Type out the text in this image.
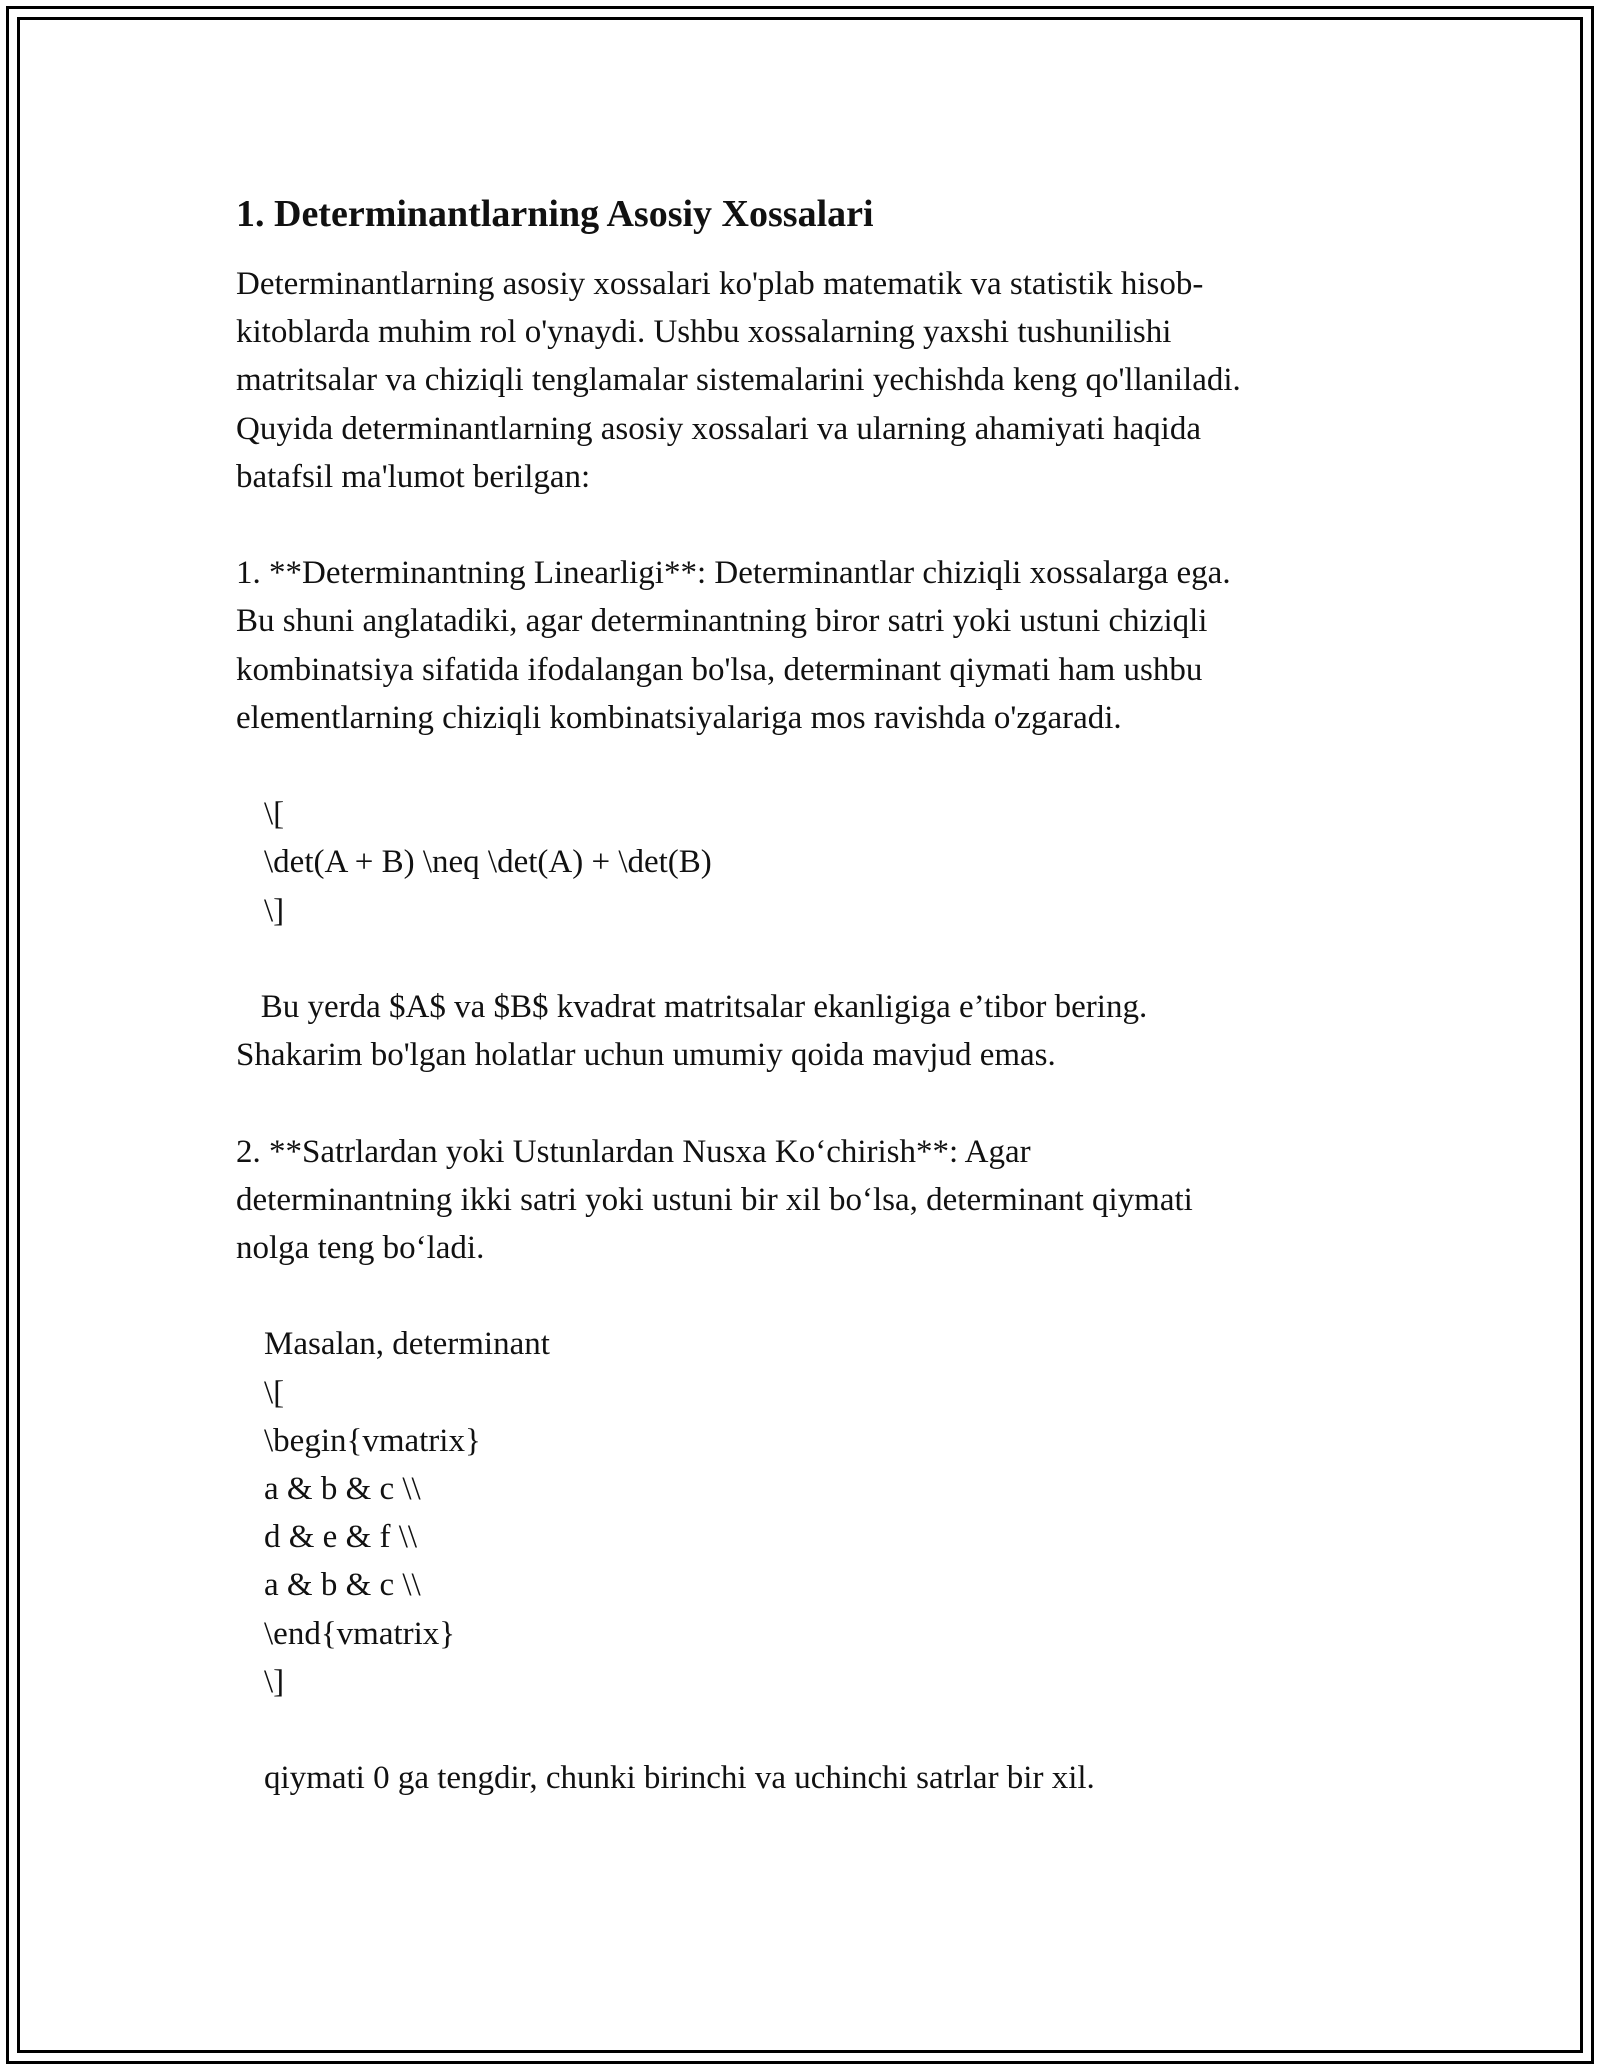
1. Determinantlarning Asosiy Xossalari

Determinantlarning asosiy xossalari ko'plab matematik va statistik hisob-
kitoblarda muhim rol o'ynaydi. Ushbu xossalarning yaxshi tushunilishi
matritsalar va chiziqli tenglamalar sistemalarini yechishda keng qo'llaniladi.
Quyida determinantlarning asosiy xossalari va ularning ahamiyati haqida
batafsil ma'lumot berilgan:

1. **Determinantning Linearligi**: Determinantlar chiziqli xossalarga ega.
Bu shuni anglatadiki, agar determinantning biror satri yoki ustuni chiziqli
kombinatsiya sifatida ifodalangan bo'lsa, determinant qiymati ham ushbu
elementlarning chiziqli kombinatsiyalariga mos ravishda o'zgaradi.

\[
\det(A + B) \neq \det(A) + \det(B)
\]

Bu yerda $A$ va $B$ kvadrat matritsalar ekanligiga e’tibor bering.
Shakarim bo'lgan holatlar uchun umumiy qoida mavjud emas.

2. **Satrlardan yoki Ustunlardan Nusxa Ko‘chirish**: Agar
determinantning ikki satri yoki ustuni bir xil bo‘lsa, determinant qiymati
nolga teng bo‘ladi.

Masalan, determinant
\[
\begin{vmatrix}
a & b & c \\
d & e & f \\
a & b & c \\
\end{vmatrix}
\]

qiymati 0 ga tengdir, chunki birinchi va uchinchi satrlar bir xil.
